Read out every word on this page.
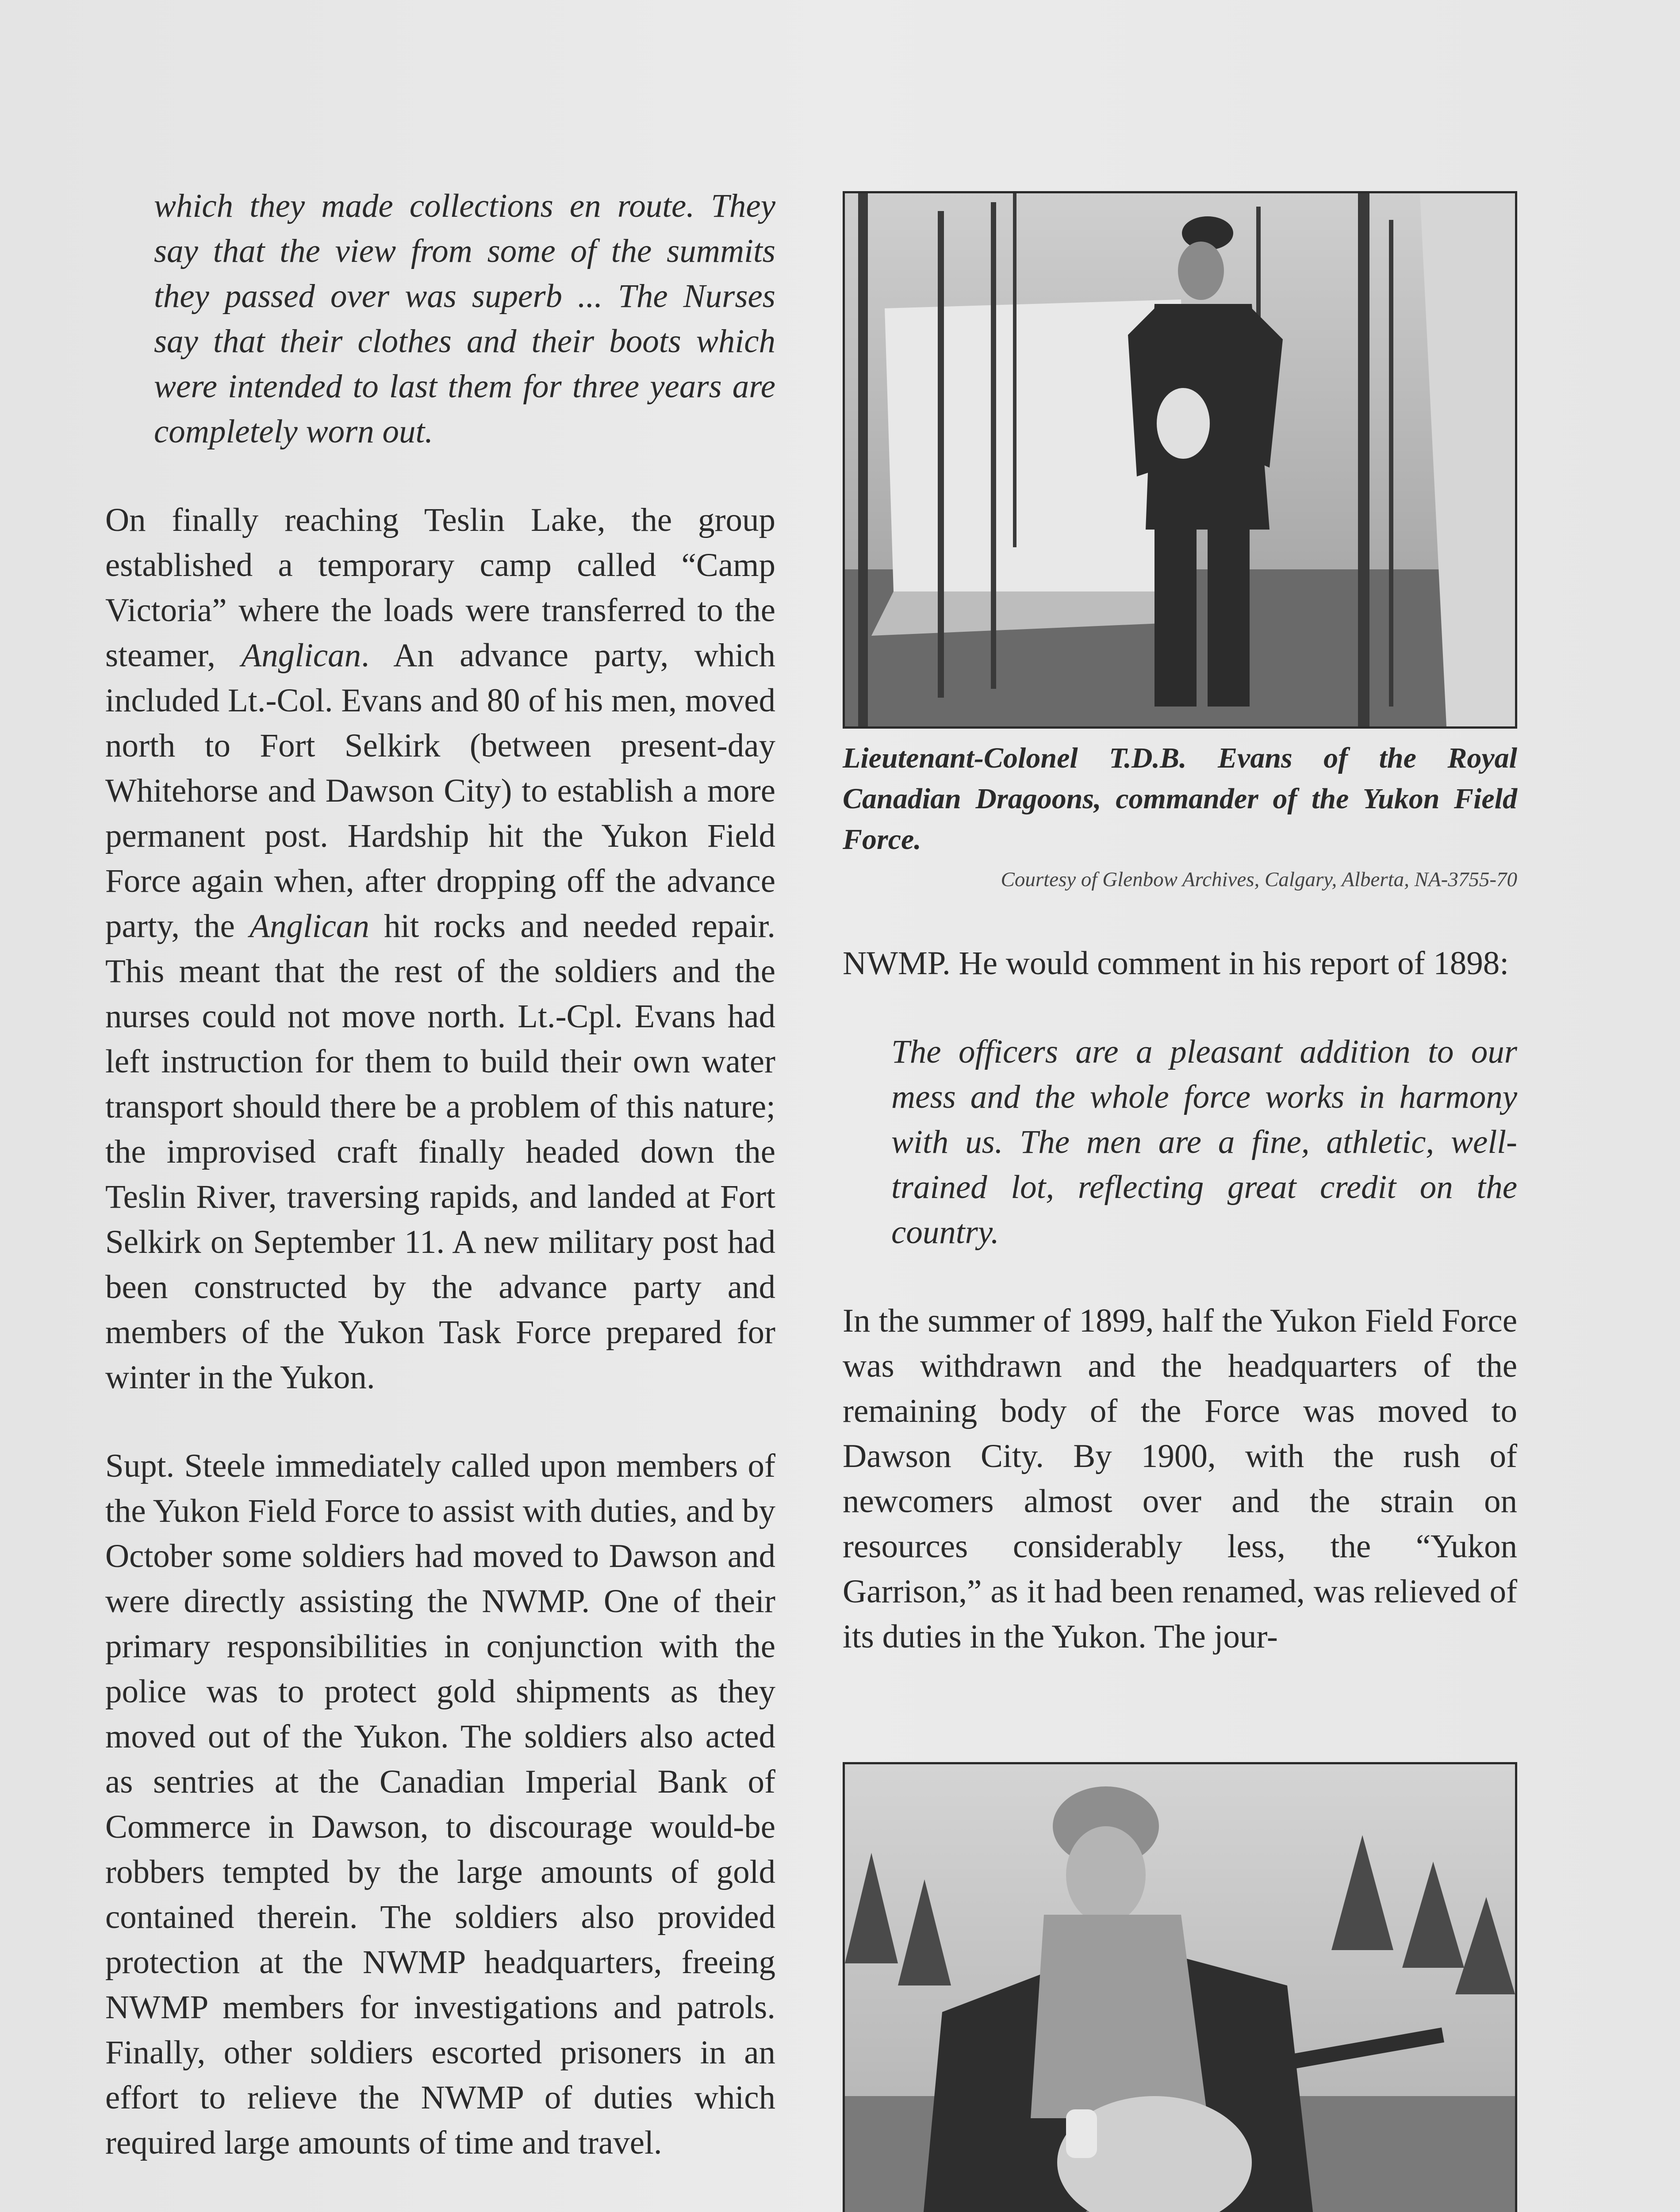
which they made collections en route. They say that the view from some of the summits they passed over was superb ... The Nurses say that their clothes and their boots which were intended to last them for three years are completely worn out.

On finally reaching Teslin Lake, the group established a temporary camp called “Camp Victoria” where the loads were transferred to the steamer, Anglican. An advance party, which included Lt.-Col. Evans and 80 of his men, moved north to Fort Selkirk (between present-day Whitehorse and Dawson City) to establish a more permanent post. Hardship hit the Yukon Field Force again when, after dropping off the advance party, the Anglican hit rocks and needed repair. This meant that the rest of the soldiers and the nurses could not move north. Lt.-Cpl. Evans had left instruction for them to build their own water transport should there be a problem of this nature; the improvised craft finally headed down the Teslin River, traversing rapids, and landed at Fort Selkirk on September 11. A new military post had been constructed by the advance party and members of the Yukon Task Force prepared for winter in the Yukon.

Supt. Steele immediately called upon members of the Yukon Field Force to assist with duties, and by October some soldiers had moved to Dawson and were directly assisting the NWMP. One of their primary responsibilities in conjunction with the police was to protect gold shipments as they moved out of the Yukon. The soldiers also acted as sentries at the Canadian Imperial Bank of Commerce in Dawson, to discourage would-be robbers tempted by the large amounts of gold contained therein. The soldiers also provided protection at the NWMP headquarters, freeing NWMP members for investigations and patrols. Finally, other soldiers escorted prisoners in an effort to relieve the NWMP of duties which required large amounts of time and travel.

Lieutenant-Colonel T.D.B. Evans of the Royal Canadian Dragoons, commander of the Yukon Field Force.

Courtesy of Glenbow Archives, Calgary, Alberta, NA-3755-70

NWMP. He would comment in his report of 1898:

The officers are a pleasant addition to our mess and the whole force works in harmony with us. The men are a fine, athletic, well-trained lot, reflecting great credit on the country.

In the summer of 1899, half the Yukon Field Force was withdrawn and the headquarters of the remaining body of the Force was moved to Dawson City. By 1900, with the rush of newcomers almost over and the strain on resources considerably less, the “Yukon Garrison,” as it had been renamed, was relieved of its duties in the Yukon. The jour-
